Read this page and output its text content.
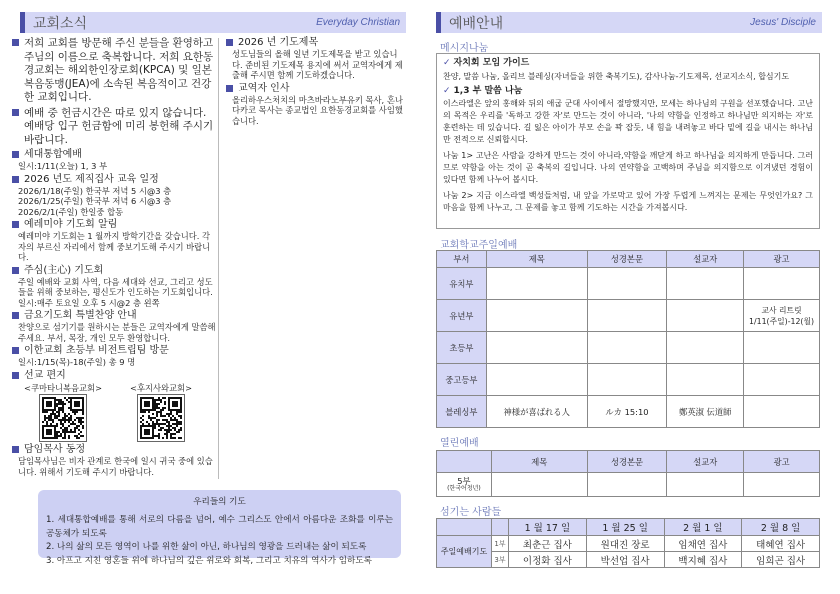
교회소식	Everyday Christian
저희 교회를 방문해 주신 분들을 환영하고 주님의 이름으로 축복합니다. 저희 요한동경교회는 해외한인장로회(KPCA) 및 일본복음동맹(JEA)에 소속된 복음적이고 건강한 교회입니다.
예배 중 헌금시간은 따로 있지 않습니다. 예배당 입구 헌금함에 미리 봉헌해 주시기 바랍니다.
세대통합예배
일시:1/11(오늘) 1, 3 부
2026 년도 제직집사 교육 일정
2026/1/18(주일) 한국부 저녁 5 시@3 층
2026/1/25(주일) 한국부 저녁 6 시@3 층
2026/2/1(주일) 한일중 합동
예레미야 기도회 알림
예레미야 기도회는 1 월까지 방학기간을 갖습니다. 각자의 부르신 자리에서 함께 중보기도해 주시기 바랍니다.
주심(主心) 기도회
주일 예배와 교회 사역, 다음 세대와 선교, 그리고 성도들을 위해 중보하는, 평신도가 인도하는 기도회입니다.
일시:매주 토요일 오후 5 시@2 층 왼쪽
금요기도회 특별찬양 안내
찬양으로 섬기기를 원하시는 분들은 교역자에게 말씀해 주세요. 부서, 목장, 개인 모두 환영합니다.
이한교회 초등부 비전트립팀 방문
일시:1/15(목)-18(주일) 총 9 명
선교 편지
<쿠마타니복음교회>	<후지사와교회>
담임목사 동정
담임목사님은 비자 관계로 한국에 일시 귀국 중에 있습니다. 위해서 기도해 주시기 바랍니다.
2026 년 기도제목
성도님들의 올해 일년 기도제목을 받고 있습니다. 준비된 기도제목 용지에 써서 교역자에게 제출해 주시면 함께 기도하겠습니다.
교역자 인사
올리하우스처치의 마츠바라노부유키 목사, 혼나다카코 목사는 종교법인 요한동경교회를 사임했습니다.
우리들의 기도

1. 세대통합예배를 통해 서로의 다름을 넘어, 예수 그리스도 안에서 아름다운 조화를 이루는 공동체가 되도록

2. 나의 삶의 모든 영역이 나를 위한 삶이 아닌, 하나님의 영광을 드러내는 삶이 되도록

3. 아프고 지친 영혼들 위에 하나님의 깊은 위로와 회복, 그리고 치유의 역사가 임하도록

예배안내	Jesus' Disciple
메시지나눔
✓ 자치회 모임 가이드
찬양, 말씀 나눔, 올리브 블레싱(자녀들을 위한 축복기도), 감사나눔-기도제목, 선교지소식, 합심기도
✓ 1,3 부 말씀 나눔

이스라엘은 앞의 홍해와 뒤의 애굽 군대 사이에서 절망했지만, 모세는 하나님의 구원을 선포했습니다. 고난의 목적은 우리를 '독하고 강한 자'로 만드는 것이 아니라, '나의 약함을 인정하고 하나님만 의지하는 자'로 훈련하는 데 있습니다. 길 잃은 아이가 부모 손을 꽉 잡듯, 내 힘을 내려놓고 바다 밑에 길을 내시는 하나님만 전적으로 신뢰합시다.

나눔 1> 고난은 사람을 강하게 만드는 것이 아니라,약함을 깨닫게 하고 하나님을 의지하게 만듭니다. 그러므로 약함을 아는 것이 곧 축복의 길입니다. 나의 연약함을 고백하며 주님을 의지함으로 이겨냈던 경험이 있다면 함께 나누어 봅시다.

나눔 2> 지금 이스라엘 백성들처럼, 내 앞을 가로막고 있어 가장 두렵게 느껴지는 문제는 무엇인가요? 그 마음을 함께 나누고, 그 문제를 놓고 함께 기도하는 시간을 가져봅시다.

교회학교주일예배
부서	제목	성경본문	설교자	광고
유치부				
유년부				교사 리트릿
1/11(주일)-12(월)
초등부				
중고등부				
블레싱부	神様が喜ばれる人	ルカ 15:10	鄭英淑 伝道師	
열린예배
	제목	성경본문	설교자	광고

5부
(한국어청년)				

섬기는 사람들
		1 월 17 일	1 월 25 일	2 월 1 일	2 월 8 일
주일예배기도	1부	최춘근 집사	원대진 장로	임채연 집사	태혜연 집사
	3부	이정화 집사	박선업 집사	백지혜 집사	임희곤 집사
